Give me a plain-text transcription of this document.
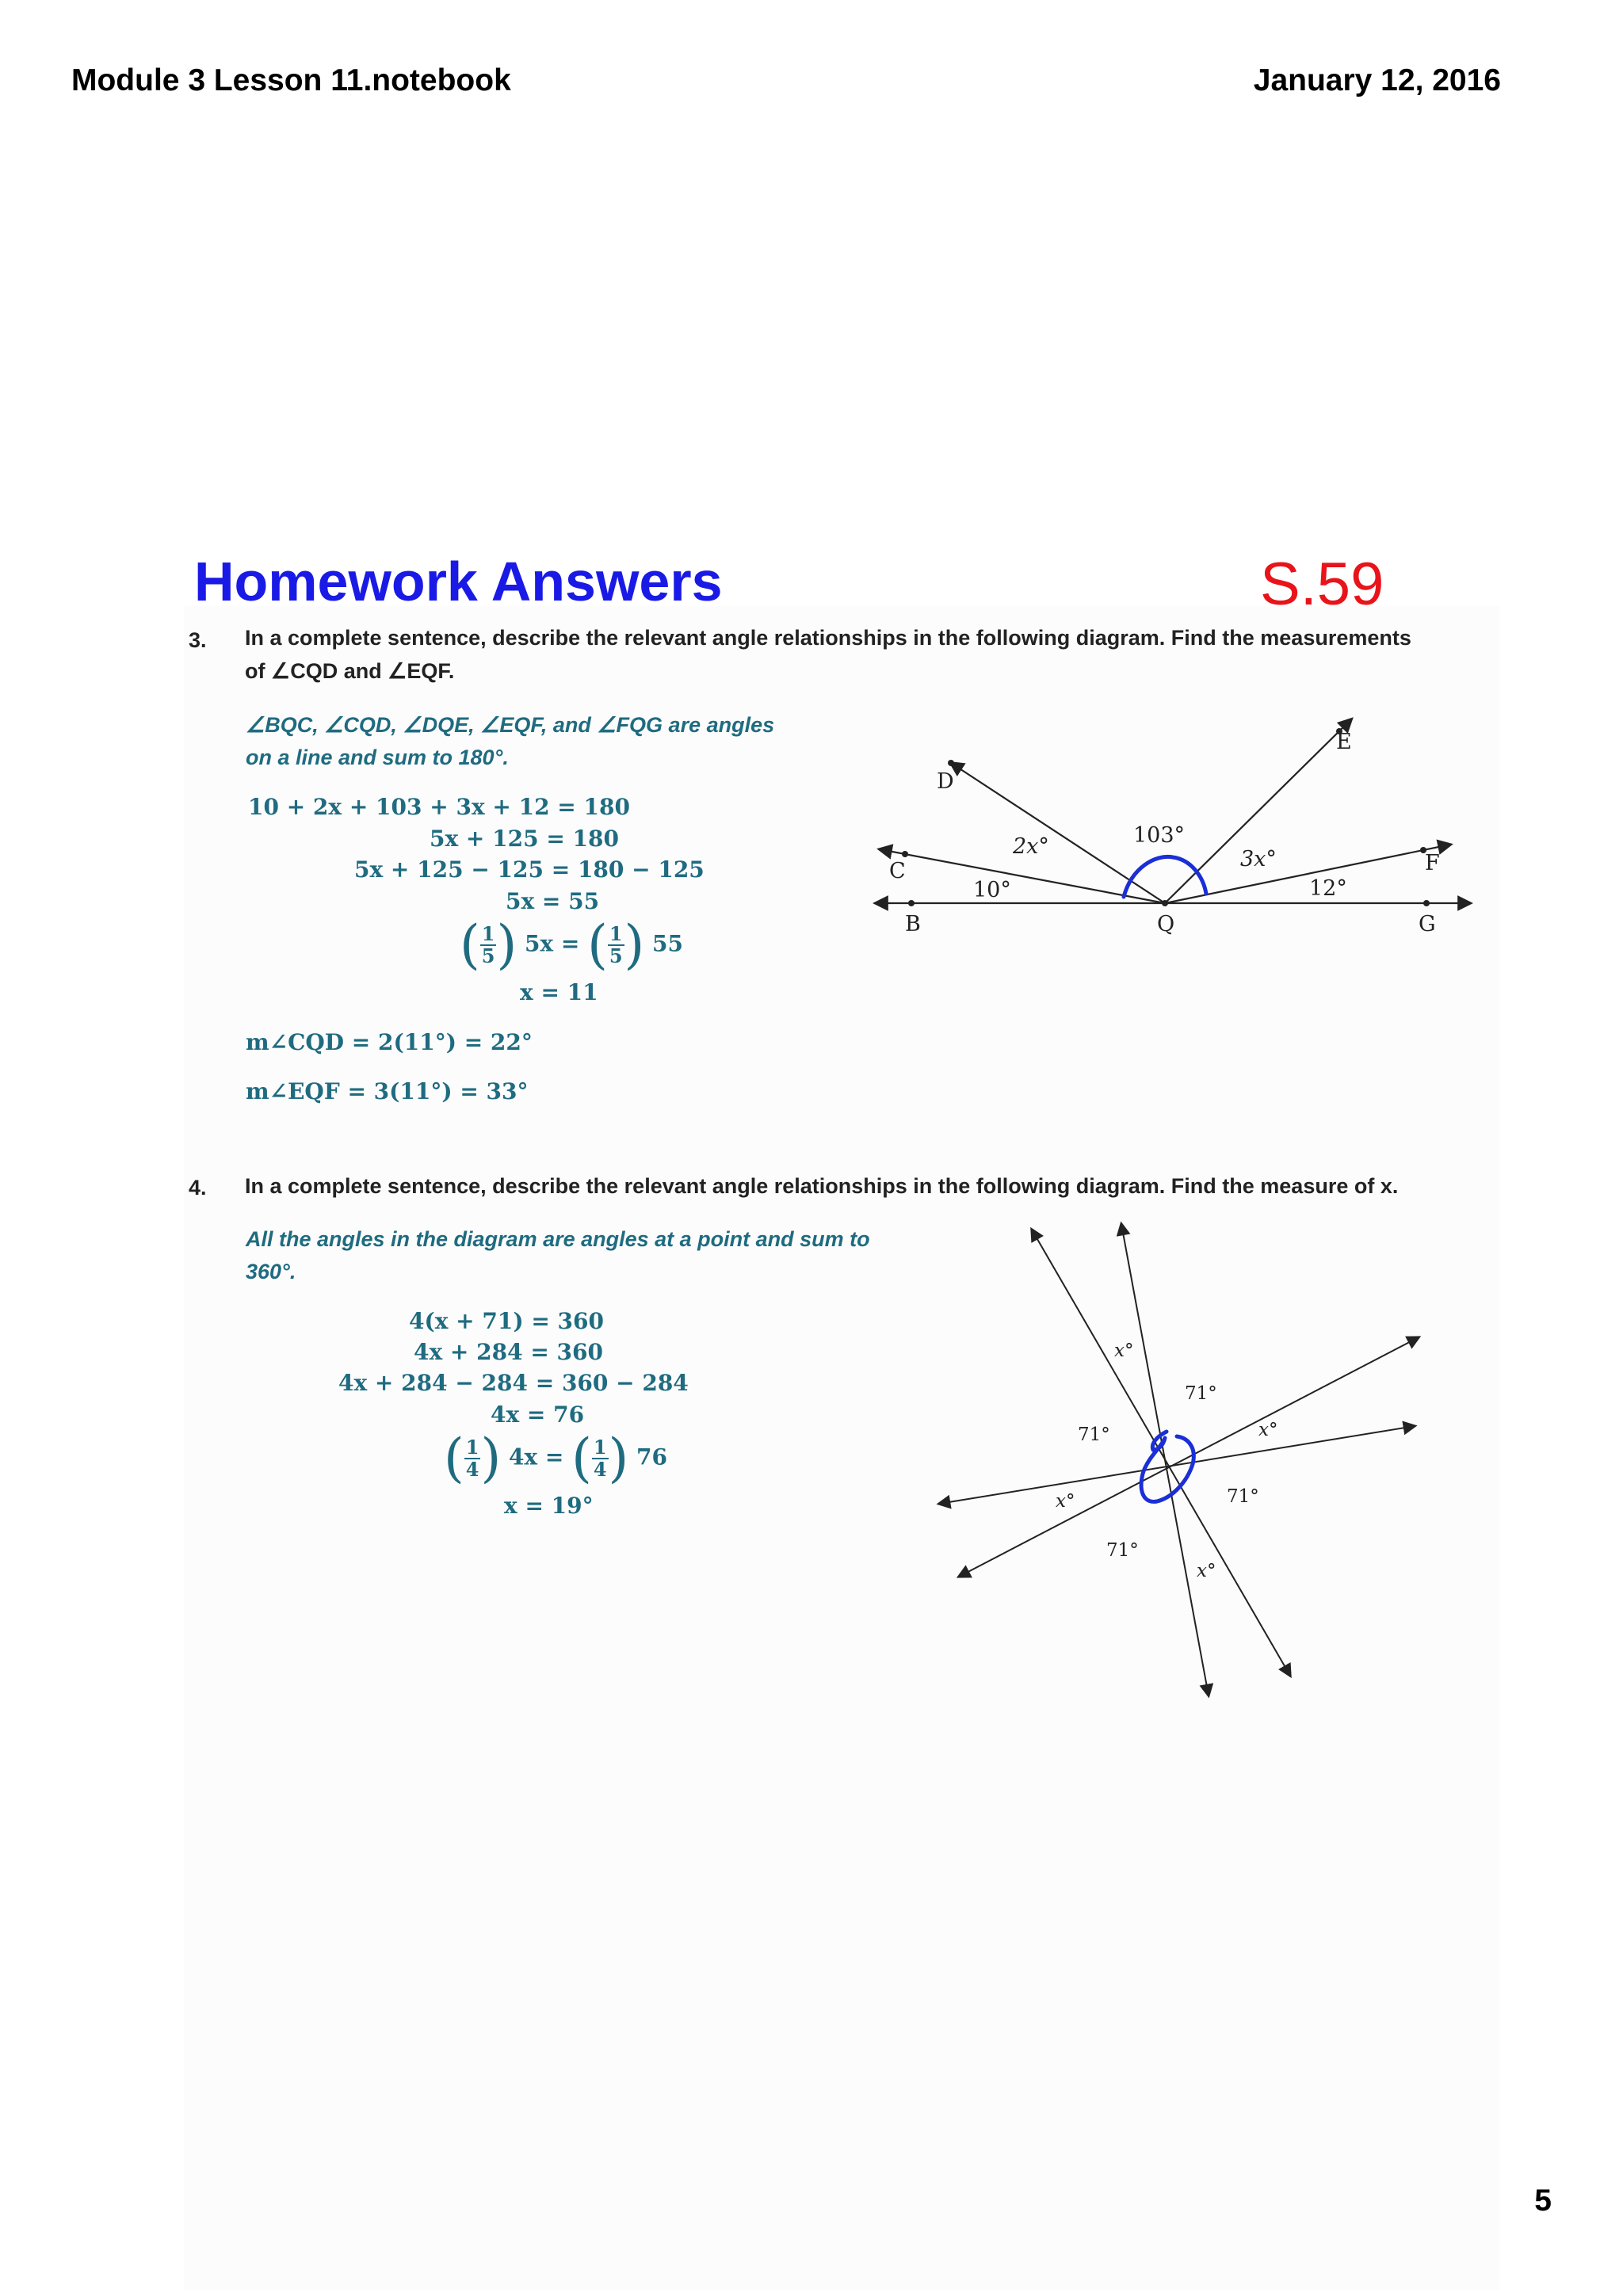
Module 3 Lesson 11.notebook	January 12, 2016
Homework Answers	S.59
3. In a complete sentence, describe the relevant angle relationships in the following diagram. Find the measurements
of ∠CQD and ∠EQF.
∠BQC, ∠CQD, ∠DQE, ∠EQF, and ∠FQG are angles
on a line and sum to 180°.
10 + 2x + 103 + 3x + 12 = 180
5x + 125 = 180
5x + 125 − 125 = 180 − 125
5x = 55
( 1
5 ) 5x = ( 1
5 ) 55
x = 11
m∠CQD = 2(11°) = 22°
m∠EQF = 3(11°) = 33°
B
C
D
E
F
G
Q
10°
2x°	103°
3x°
12°
4. In a complete sentence, describe the relevant angle relationships in the following diagram. Find the measure of x.
All the angles in the diagram are angles at a point and sum to
360°.
4(x + 71) = 360
4x + 284 = 360
4x + 284 − 284 = 360 − 284
4x = 76
( 1
4 ) 4x = ( 1
4 ) 76
x = 19°
x°
71°
71°	x°
x°	71°
71°
x°
5
